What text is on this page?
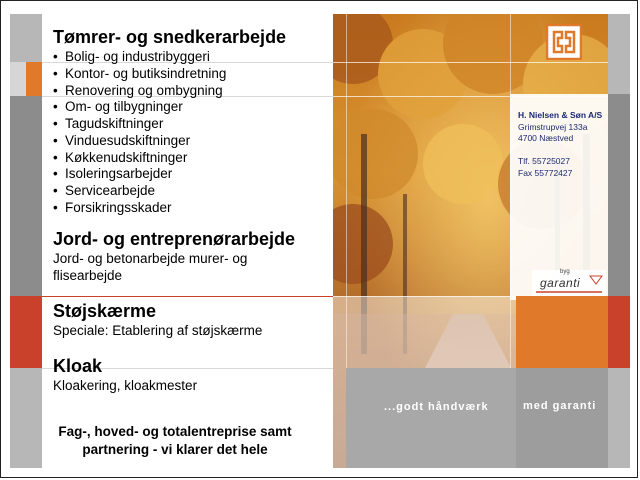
H. Nielsen & Søn A/S
Grimstrupvej 133a
4700 Næstved
Tlf. 55725027
Fax 55772427
byg
garanti
...godt håndværk	med garanti
Tømrer- og snedkerarbejde
• Bolig- og industribyggeri
• Kontor- og butiksindretning
• Renovering og ombygning
• Om- og tilbygninger
• Tagudskiftninger
• Vinduesudskiftninger
• Køkkenudskiftninger
• Isoleringsarbejder
• Servicearbejde
• Forsikringsskader
Jord- og entreprenørarbejde
Jord- og betonarbejde murer- og
flisearbejde
Støjskærme
Speciale: Etablering af støjskærme
Kloak
Kloakering, kloakmester
Fag-, hoved- og totalentreprise samt
partnering - vi klarer det hele
